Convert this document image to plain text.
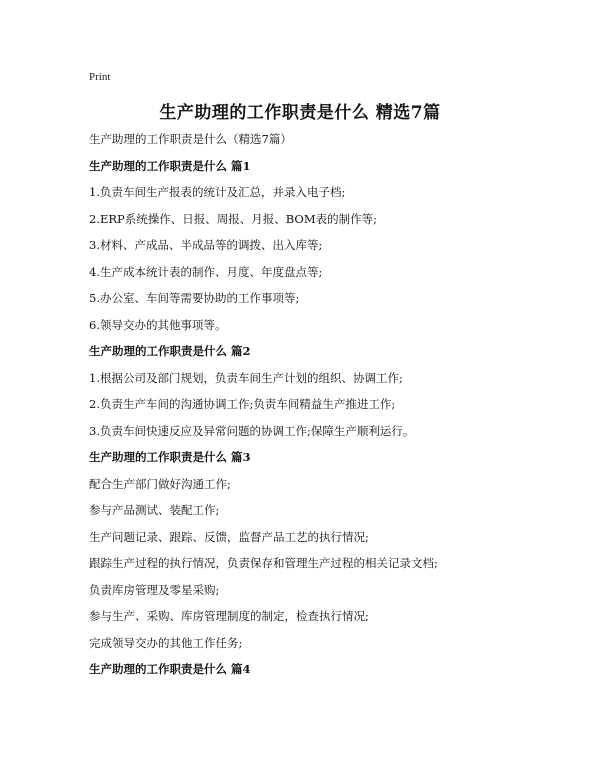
Print
生产助理的工作职责是什么 精选7篇
生产助理的工作职责是什么（精选7篇）
生产助理的工作职责是什么 篇1
1.负责车间生产报表的统计及汇总，并录入电子档;
2.ERP系统操作、日报、周报、月报、BOM表的制作等;
3.材料、产成品、半成品等的调拨、出入库等;
4.生产成本统计表的制作、月度、年度盘点等;
5.办公室、车间等需要协助的工作事项等;
6.领导交办的其他事项等。
生产助理的工作职责是什么 篇2
1.根据公司及部门规划，负责车间生产计划的组织、协调工作;
2.负责生产车间的沟通协调工作;负责车间精益生产推进工作;
3.负责车间快速反应及异常问题的协调工作;保障生产顺利运行。
生产助理的工作职责是什么 篇3
配合生产部门做好沟通工作;
参与产品测试、装配工作;
生产问题记录、跟踪、反馈，监督产品工艺的执行情况;
跟踪生产过程的执行情况，负责保存和管理生产过程的相关记录文档;
负责库房管理及零星采购;
参与生产、采购、库房管理制度的制定，检查执行情况;
完成领导交办的其他工作任务;
生产助理的工作职责是什么 篇4
